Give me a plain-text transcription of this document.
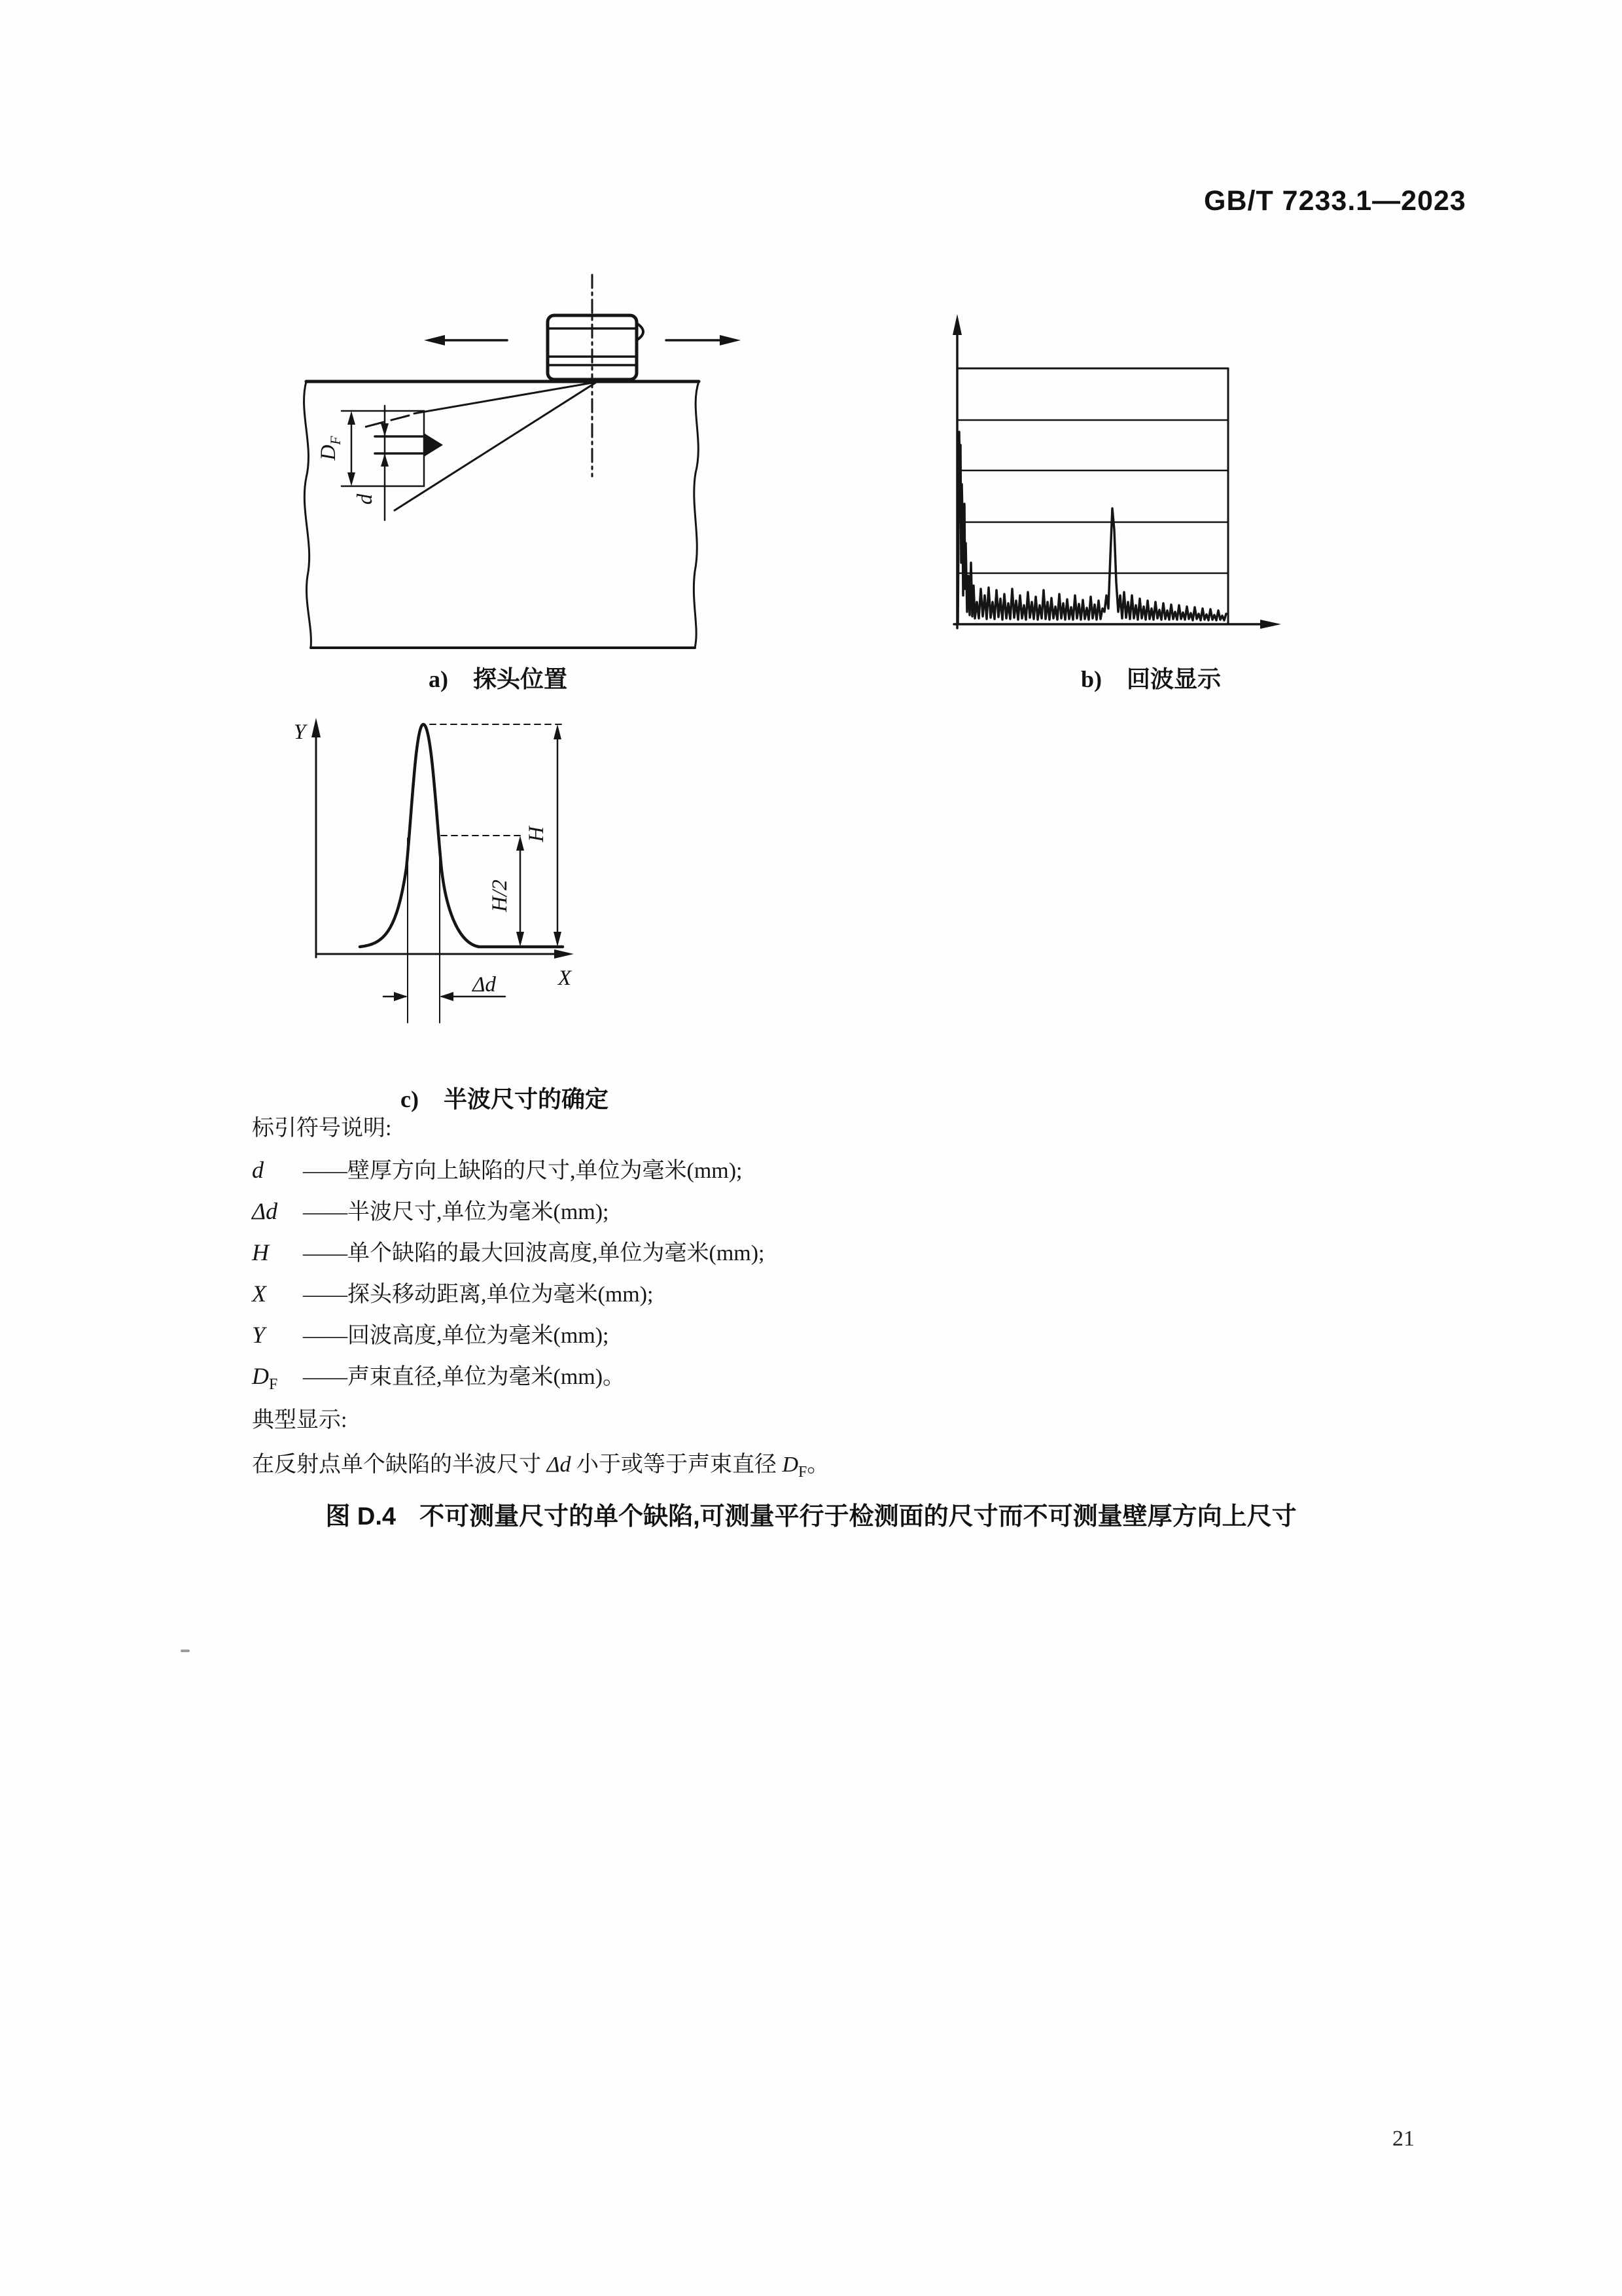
GB/T 7233.1—2023
$D_F$
d
a) 探头位置	b) 回波显示
Y
X
H
H/2
Δd
c) 半波尺寸的确定
标引符号说明:
d	——壁厚方向上缺陷的尺寸,单位为毫米(mm);
Δd	——半波尺寸,单位为毫米(mm);
H	——单个缺陷的最大回波高度,单位为毫米(mm);
X	——探头移动距离,单位为毫米(mm);
Y	——回波高度,单位为毫米(mm);
$D_F$	——声束直径,单位为毫米(mm)。
典型显示:
在反射点单个缺陷的半波尺寸 Δd 小于或等于声束直径 $D_F$。
图 D.4 不可测量尺寸的单个缺陷,可测量平行于检测面的尺寸而不可测量壁厚方向上尺寸
21
